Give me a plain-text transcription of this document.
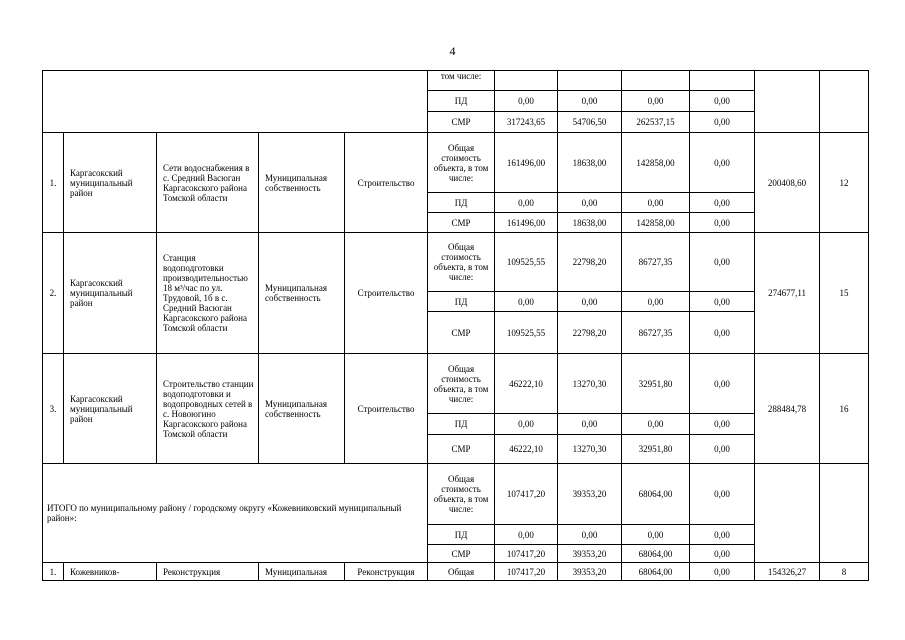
4
					том числе:						
					ПД	0,00	0,00	0,00	0,00		
					СМР	317243,65	54706,50	262537,15	0,00		
1.	Каргасокский муниципальный район	Сети водоснабжения в с. Средний Васюган Каргасокского района Томской области	Муниципальная собственность	Строительство	Общая стоимость объекта, в том числе:	161496,00	18638,00	142858,00	0,00	200408,60	12
					ПД	0,00	0,00	0,00	0,00		
					СМР	161496,00	18638,00	142858,00	0,00		
2.	Каргасокский муниципальный район	Станция водоподготовки производительностью 18 м³/час по ул. Трудовой, 1б в с. Средний Васюган Каргасокского района Томской области	Муниципальная собственность	Строительство	Общая стоимость объекта, в том числе:	109525,55	22798,20	86727,35	0,00	274677,11	15
					ПД	0,00	0,00	0,00	0,00		
					СМР	109525,55	22798,20	86727,35	0,00		
3.	Каргасокский муниципальный район	Строительство станции водоподготовки и водопроводных сетей в с. Новоюгино Каргасокского района Томской области	Муниципальная собственность	Строительство	Общая стоимость объекта, в том числе:	46222,10	13270,30	32951,80	0,00	288484,78	16
					ПД	0,00	0,00	0,00	0,00		
					СМР	46222,10	13270,30	32951,80	0,00		
ИТОГО по муниципальному району / городскому округу «Кожевниковский муниципальный район»:					Общая стоимость объекта, в том числе:	107417,20	39353,20	68064,00	0,00		
					ПД	0,00	0,00	0,00	0,00		
					СМР	107417,20	39353,20	68064,00	0,00		
1.	Кожевников-	Реконструкция	Муниципальная	Реконструкция	Общая	107417,20	39353,20	68064,00	0,00	154326,27	8
